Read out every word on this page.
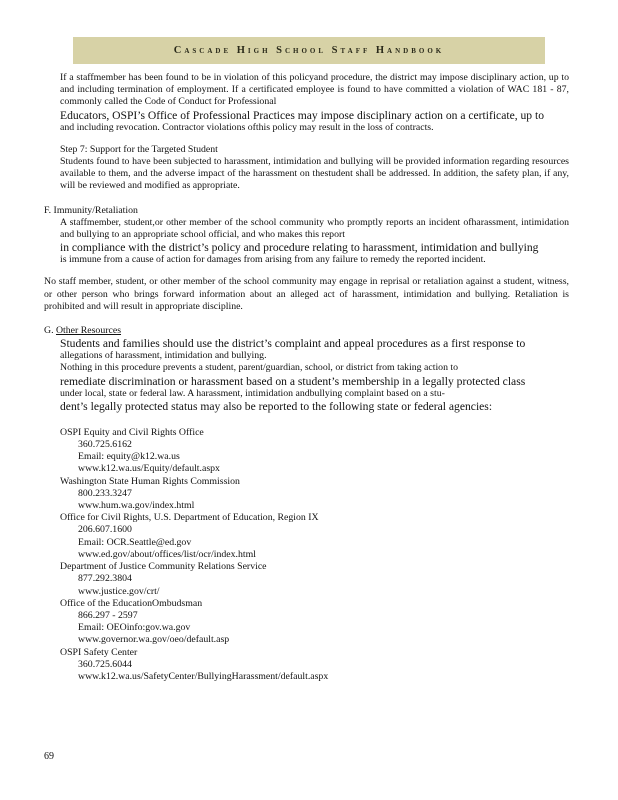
Cascade High School Staff Handbook

If a staffmember has been found to be in violation of this policyand procedure, the district may impose disciplinary action, up to and including termination of employment. If a certificated employee is found to have committed a violation of WAC 181 - 87, commonly called the Code of Conduct for Professional

Educators, OSPI’s Office of Professional Practices may impose disciplinary action on a certificate, up to

and including revocation. Contractor violations ofthis policy may result in the loss of contracts.

Step 7: Support for the Targeted Student

Students found to have been subjected to harassment, intimidation and bullying will be provided information regarding resources available to them, and the adverse impact of the harassment on thestudent shall be addressed. In addition, the safety plan, if any, will be reviewed and modified as appropriate.

F. Immunity/Retaliation

A staffmember, student,or other member of the school community who promptly reports an incident ofharassment, intimidation and bullying to an appropriate school official, and who makes this report

in compliance with the district’s policy and procedure relating to harassment, intimidation and bullying

is immune from a cause of action for damages from arising from any failure to remedy the reported incident.

No staff member, student, or other member of the school community may engage in reprisal or retaliation against a student, witness, or other person who brings forward information about an alleged act of harassment, intimidation and bullying. Retaliation is prohibited and will result in appropriate discipline.

G. Other Resources

Students and families should use the district’s complaint and appeal procedures as a first response to

allegations of harassment, intimidation and bullying.

Nothing in this procedure prevents a student, parent/guardian, school, or district from taking action to

remediate discrimination or harassment based on a student’s membership in a legally protected class

under local, state or federal law. A harassment, intimidation andbullying complaint based on a stu-

dent’s legally protected status may also be reported to the following state or federal agencies:

OSPI Equity and Civil Rights Office
360.725.6162
Email: equity@k12.wa.us
www.k12.wa.us/Equity/default.aspx
Washington State Human Rights Commission
800.233.3247
www.hum.wa.gov/index.html
Office for Civil Rights, U.S. Department of Education, Region IX
206.607.1600
Email: OCR.Seattle@ed.gov
www.ed.gov/about/offices/list/ocr/index.html
Department of Justice Community Relations Service
877.292.3804
www.justice.gov/crt/
Office of the EducationOmbudsman
866.297 - 2597
Email: OEOinfo:gov.wa.gov
www.governor.wa.gov/oeo/default.asp
OSPI Safety Center
360.725.6044
www.k12.wa.us/SafetyCenter/BullyingHarassment/default.aspx
69
